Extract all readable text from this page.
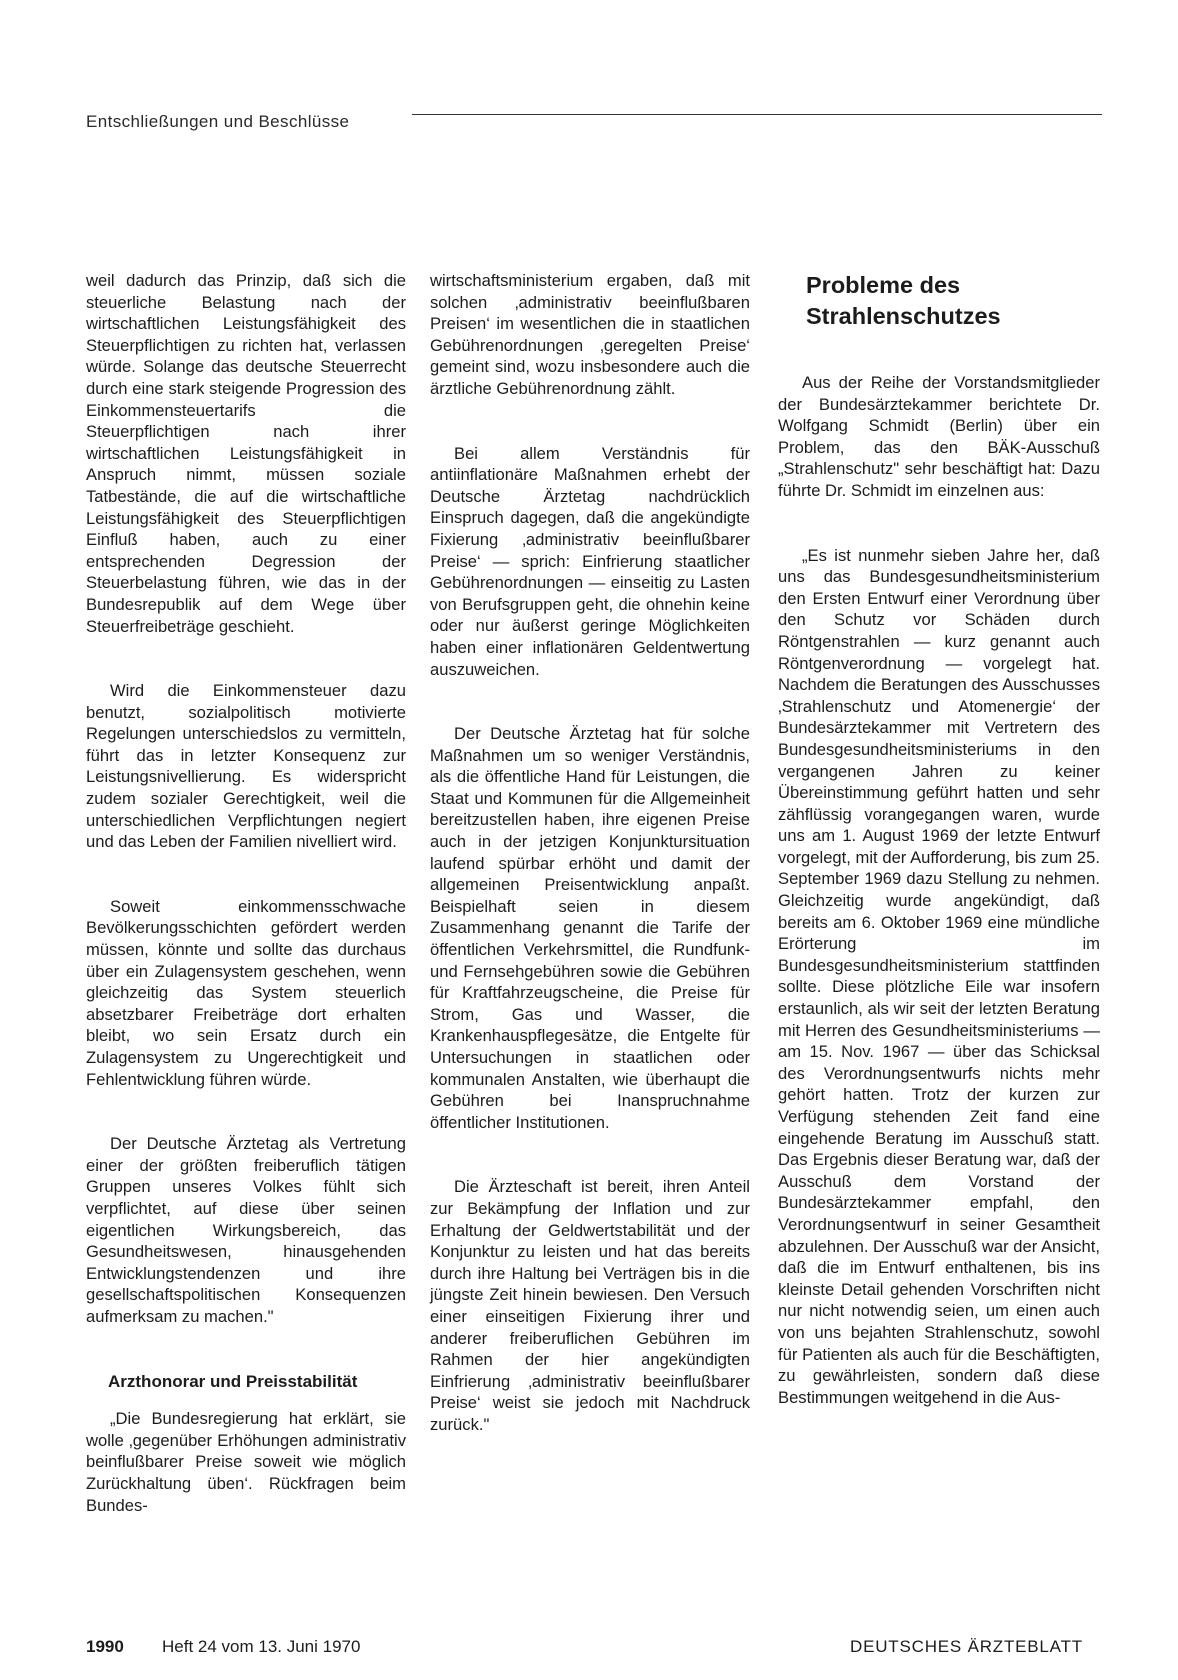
Entschließungen und Beschlüsse

weil dadurch das Prinzip, daß sich die steuerliche Belastung nach der wirtschaftlichen Leistungsfähigkeit des Steuerpflichtigen zu richten hat, verlassen würde. Solange das deutsche Steuerrecht durch eine stark steigende Progression des Einkommensteuertarifs die Steuerpflichtigen nach ihrer wirtschaftlichen Leistungsfähigkeit in Anspruch nimmt, müssen soziale Tatbestände, die auf die wirtschaftliche Leistungsfähigkeit des Steuerpflichtigen Einfluß haben, auch zu einer entsprechenden Degression der Steuerbelastung führen, wie das in der Bundesrepublik auf dem Wege über Steuerfreibeträge geschieht.

Wird die Einkommensteuer dazu benutzt, sozialpolitisch motivierte Regelungen unterschiedslos zu vermitteln, führt das in letzter Konsequenz zur Leistungsnivellierung. Es widerspricht zudem sozialer Gerechtigkeit, weil die unterschiedlichen Verpflichtungen negiert und das Leben der Familien nivelliert wird.

Soweit einkommensschwache Bevölkerungsschichten gefördert werden müssen, könnte und sollte das durchaus über ein Zulagensystem geschehen, wenn gleichzeitig das System steuerlich absetzbarer Freibeträge dort erhalten bleibt, wo sein Ersatz durch ein Zulagensystem zu Ungerechtigkeit und Fehlentwicklung führen würde.

Der Deutsche Ärztetag als Vertretung einer der größten freiberuflich tätigen Gruppen unseres Volkes fühlt sich verpflichtet, auf diese über seinen eigentlichen Wirkungsbereich, das Gesundheitswesen, hinausgehenden Entwicklungstendenzen und ihre gesellschaftspolitischen Konsequenzen aufmerksam zu machen."

Arzthonorar und Preisstabilität

„Die Bundesregierung hat erklärt, sie wolle ‚gegenüber Erhöhungen administrativ beinflußbarer Preise soweit wie möglich Zurückhaltung üben‘. Rückfragen beim Bundes-

wirtschaftsministerium ergaben, daß mit solchen ‚administrativ beeinflußbaren Preisen‘ im wesentlichen die in staatlichen Gebührenordnungen ‚geregelten Preise‘ gemeint sind, wozu insbesondere auch die ärztliche Gebührenordnung zählt.

Bei allem Verständnis für antiinflationäre Maßnahmen erhebt der Deutsche Ärztetag nachdrücklich Einspruch dagegen, daß die angekündigte Fixierung ‚administrativ beeinflußbarer Preise‘ — sprich: Einfrierung staatlicher Gebührenordnungen — einseitig zu Lasten von Berufsgruppen geht, die ohnehin keine oder nur äußerst geringe Möglichkeiten haben einer inflationären Geldentwertung auszuweichen.

Der Deutsche Ärztetag hat für solche Maßnahmen um so weniger Verständnis, als die öffentliche Hand für Leistungen, die Staat und Kommunen für die Allgemeinheit bereitzustellen haben, ihre eigenen Preise auch in der jetzigen Konjunktursituation laufend spürbar erhöht und damit der allgemeinen Preisentwicklung anpaßt. Beispielhaft seien in diesem Zusammenhang genannt die Tarife der öffentlichen Verkehrsmittel, die Rundfunk- und Fernsehgebühren sowie die Gebühren für Kraftfahrzeugscheine, die Preise für Strom, Gas und Wasser, die Krankenhauspflegesätze, die Entgelte für Untersuchungen in staatlichen oder kommunalen Anstalten, wie überhaupt die Gebühren bei Inanspruchnahme öffentlicher Institutionen.

Die Ärzteschaft ist bereit, ihren Anteil zur Bekämpfung der Inflation und zur Erhaltung der Geldwertstabilität und der Konjunktur zu leisten und hat das bereits durch ihre Haltung bei Verträgen bis in die jüngste Zeit hinein bewiesen. Den Versuch einer einseitigen Fixierung ihrer und anderer freiberuflichen Gebühren im Rahmen der hier angekündigten Einfrierung ‚administrativ beeinflußbarer Preise‘ weist sie jedoch mit Nachdruck zurück."

Probleme des
Strahlenschutzes

Aus der Reihe der Vorstandsmitglieder der Bundesärztekammer berichtete Dr. Wolfgang Schmidt (Berlin) über ein Problem, das den BÄK-Ausschuß „Strahlenschutz" sehr beschäftigt hat: Dazu führte Dr. Schmidt im einzelnen aus:

„Es ist nunmehr sieben Jahre her, daß uns das Bundesgesundheitsministerium den Ersten Entwurf einer Verordnung über den Schutz vor Schäden durch Röntgenstrahlen — kurz genannt auch Röntgenverordnung — vorgelegt hat. Nachdem die Beratungen des Ausschusses ‚Strahlenschutz und Atomenergie‘ der Bundesärztekammer mit Vertretern des Bundesgesundheitsministeriums in den vergangenen Jahren zu keiner Übereinstimmung geführt hatten und sehr zähflüssig vorangegangen waren, wurde uns am 1. August 1969 der letzte Entwurf vorgelegt, mit der Aufforderung, bis zum 25. September 1969 dazu Stellung zu nehmen. Gleichzeitig wurde angekündigt, daß bereits am 6. Oktober 1969 eine mündliche Erörterung im Bundesgesundheitsministerium stattfinden sollte. Diese plötzliche Eile war insofern erstaunlich, als wir seit der letzten Beratung mit Herren des Gesundheitsministeriums — am 15. Nov. 1967 — über das Schicksal des Verordnungsentwurfs nichts mehr gehört hatten. Trotz der kurzen zur Verfügung stehenden Zeit fand eine eingehende Beratung im Ausschuß statt. Das Ergebnis dieser Beratung war, daß der Ausschuß dem Vorstand der Bundesärztekammer empfahl, den Verordnungsentwurf in seiner Gesamtheit abzulehnen. Der Ausschuß war der Ansicht, daß die im Entwurf enthaltenen, bis ins kleinste Detail gehenden Vorschriften nicht nur nicht notwendig seien, um einen auch von uns bejahten Strahlenschutz, sowohl für Patienten als auch für die Beschäftigten, zu gewährleisten, sondern daß diese Bestimmungen weitgehend in die Aus-

1990 Heft 24 vom 13. Juni 1970	DEUTSCHES ÄRZTEBLATT
